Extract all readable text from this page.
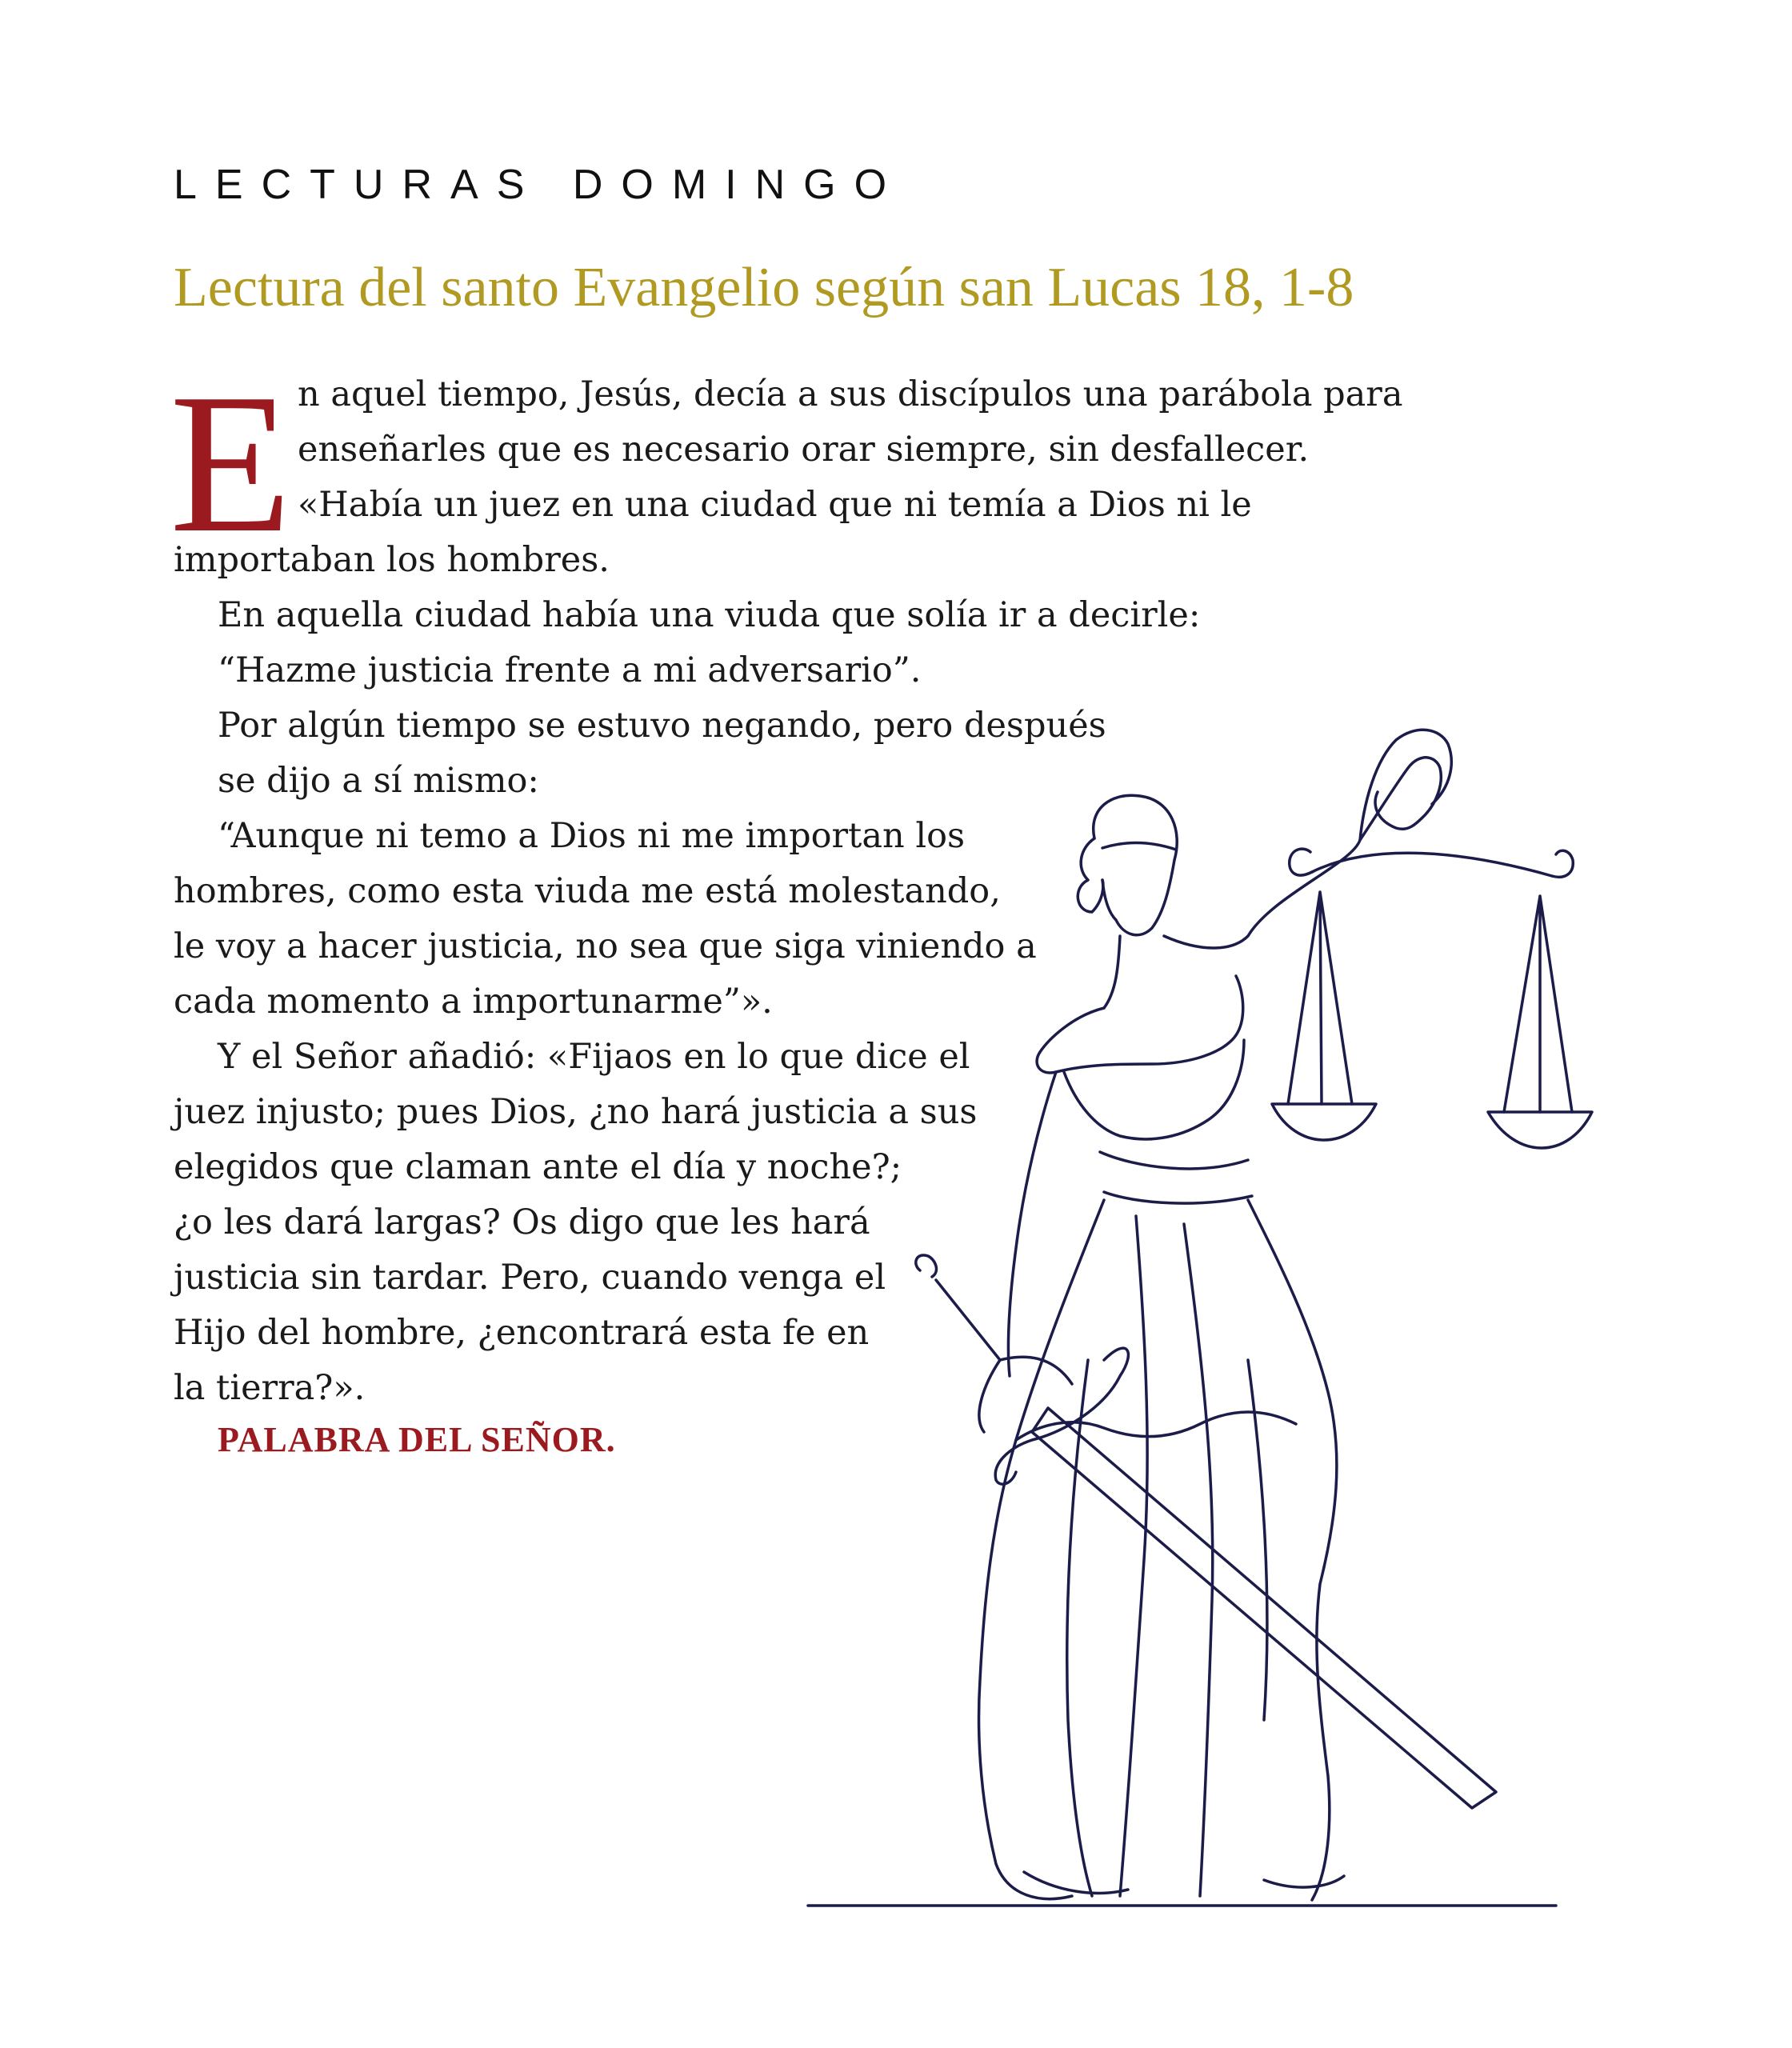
LECTURAS DOMINGO
Lectura del santo Evangelio según san Lucas 18, 1-8
E n aquel tiempo, Jesús, decía a sus discípulos una parábola para
enseñarles que es necesario orar siempre, sin desfallecer.
«Había un juez en una ciudad que ni temía a Dios ni le
importaban los hombres.
En aquella ciudad había una viuda que solía ir a decirle:
“Hazme justicia frente a mi adversario”.
Por algún tiempo se estuvo negando, pero después
se dijo a sí mismo:
“Aunque ni temo a Dios ni me importan los
hombres, como esta viuda me está molestando,
le voy a hacer justicia, no sea que siga viniendo a
cada momento a importunarme”».
Y el Señor añadió: «Fijaos en lo que dice el
juez injusto; pues Dios, ¿no hará justicia a sus
elegidos que claman ante el día y noche?;
¿o les dará largas? Os digo que les hará
justicia sin tardar. Pero, cuando venga el
Hijo del hombre, ¿encontrará esta fe en
la tierra?».
PALABRA DEL SEÑOR.
